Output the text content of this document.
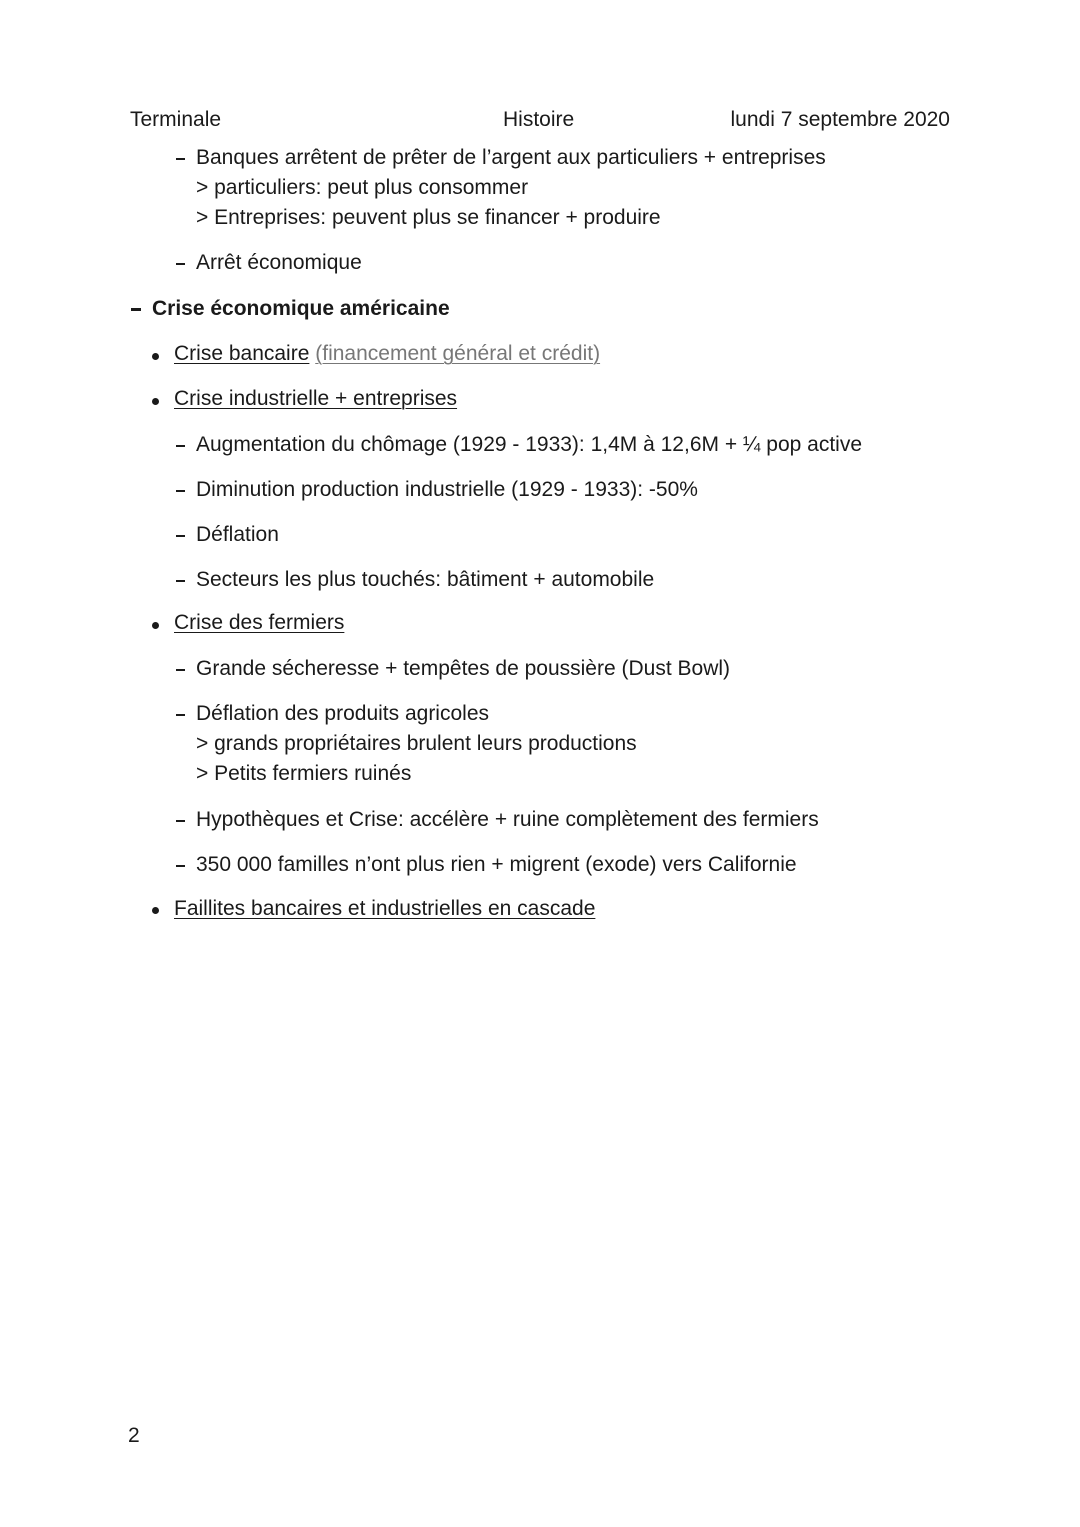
Terminale	Histoire	lundi 7 septembre 2020
Banques arrêtent de prêter de l’argent aux particuliers + entreprises
> particuliers: peut plus consommer
> Entreprises: peuvent plus se financer + produire
Arrêt économique
Crise économique américaine
Crise bancaire (financement général et crédit)
Crise industrielle + entreprises
Augmentation du chômage (1929 - 1933): 1,4M à 12,6M + ¼ pop active
Diminution production industrielle (1929 - 1933): -50%
Déflation
Secteurs les plus touchés: bâtiment + automobile
Crise des fermiers
Grande sécheresse + tempêtes de poussière (Dust Bowl)
Déflation des produits agricoles
> grands propriétaires brulent leurs productions
> Petits fermiers ruinés
Hypothèques et Crise: accélère + ruine complètement des fermiers
350 000 familles n’ont plus rien + migrent (exode) vers Californie
Faillites bancaires et industrielles en cascade
2
